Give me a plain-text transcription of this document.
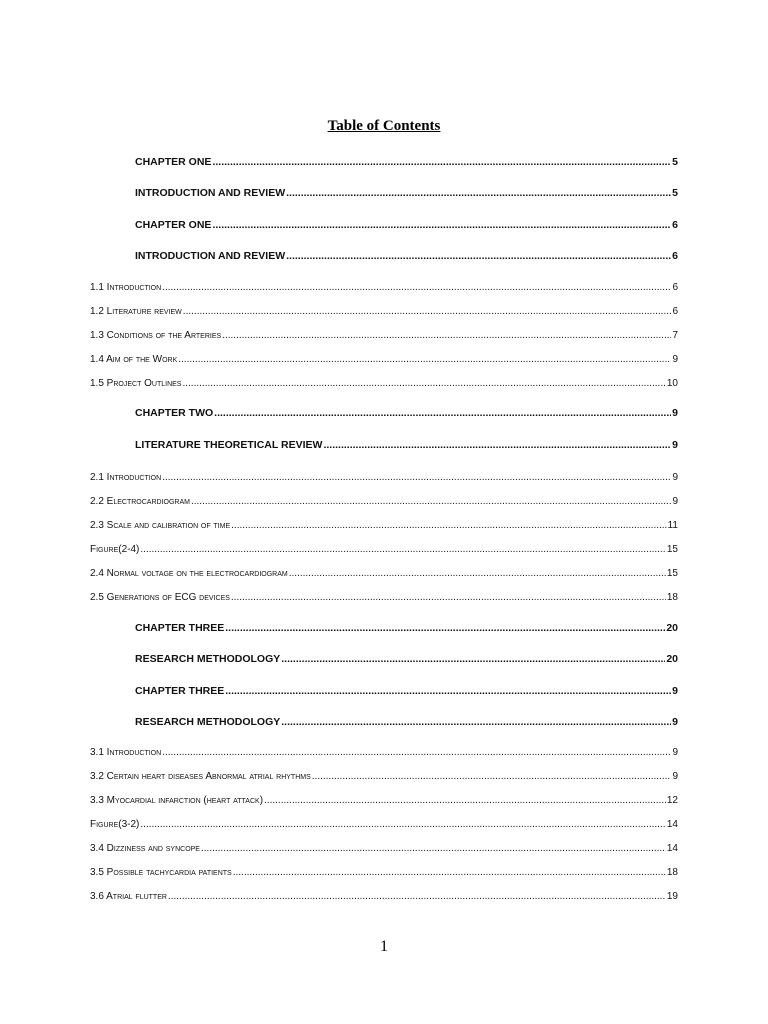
Table of Contents
CHAPTER ONE .....	5
INTRODUCTION AND REVIEW .....	5
CHAPTER ONE .....	6
INTRODUCTION AND REVIEW .....	6
1.1 Introduction .....	6
1.2 Literature review .....	6
1.3 Conditions of the Arteries .....	7
1.4 Aim of the Work .....	9
1.5 Project Outlines .....	10
CHAPTER TWO .....	9
LITERATURE THEORETICAL REVIEW .....	9
2.1 Introduction .....	9
2.2 Electrocardiogram .....	9
2.3 Scale and calibration of time .....	11
Figure(2-4) .....	15
2.4 Normal voltage on the electrocardiogram .....	15
2.5 Generations of ECG devices .....	18
CHAPTER THREE .....	20
RESEARCH METHODOLOGY .....	20
CHAPTER THREE .....	9
RESEARCH METHODOLOGY .....	9
3.1 Introduction .....	9
3.2 Certain heart diseases Abnormal atrial rhythms .....	9
3.3 Myocardial infarction (heart attack) .....	12
Figure(3-2) .....	14
3.4 Dizziness and syncope .....	14
3.5 Possible tachycardia patients .....	18
3.6 Atrial flutter .....	19
1
